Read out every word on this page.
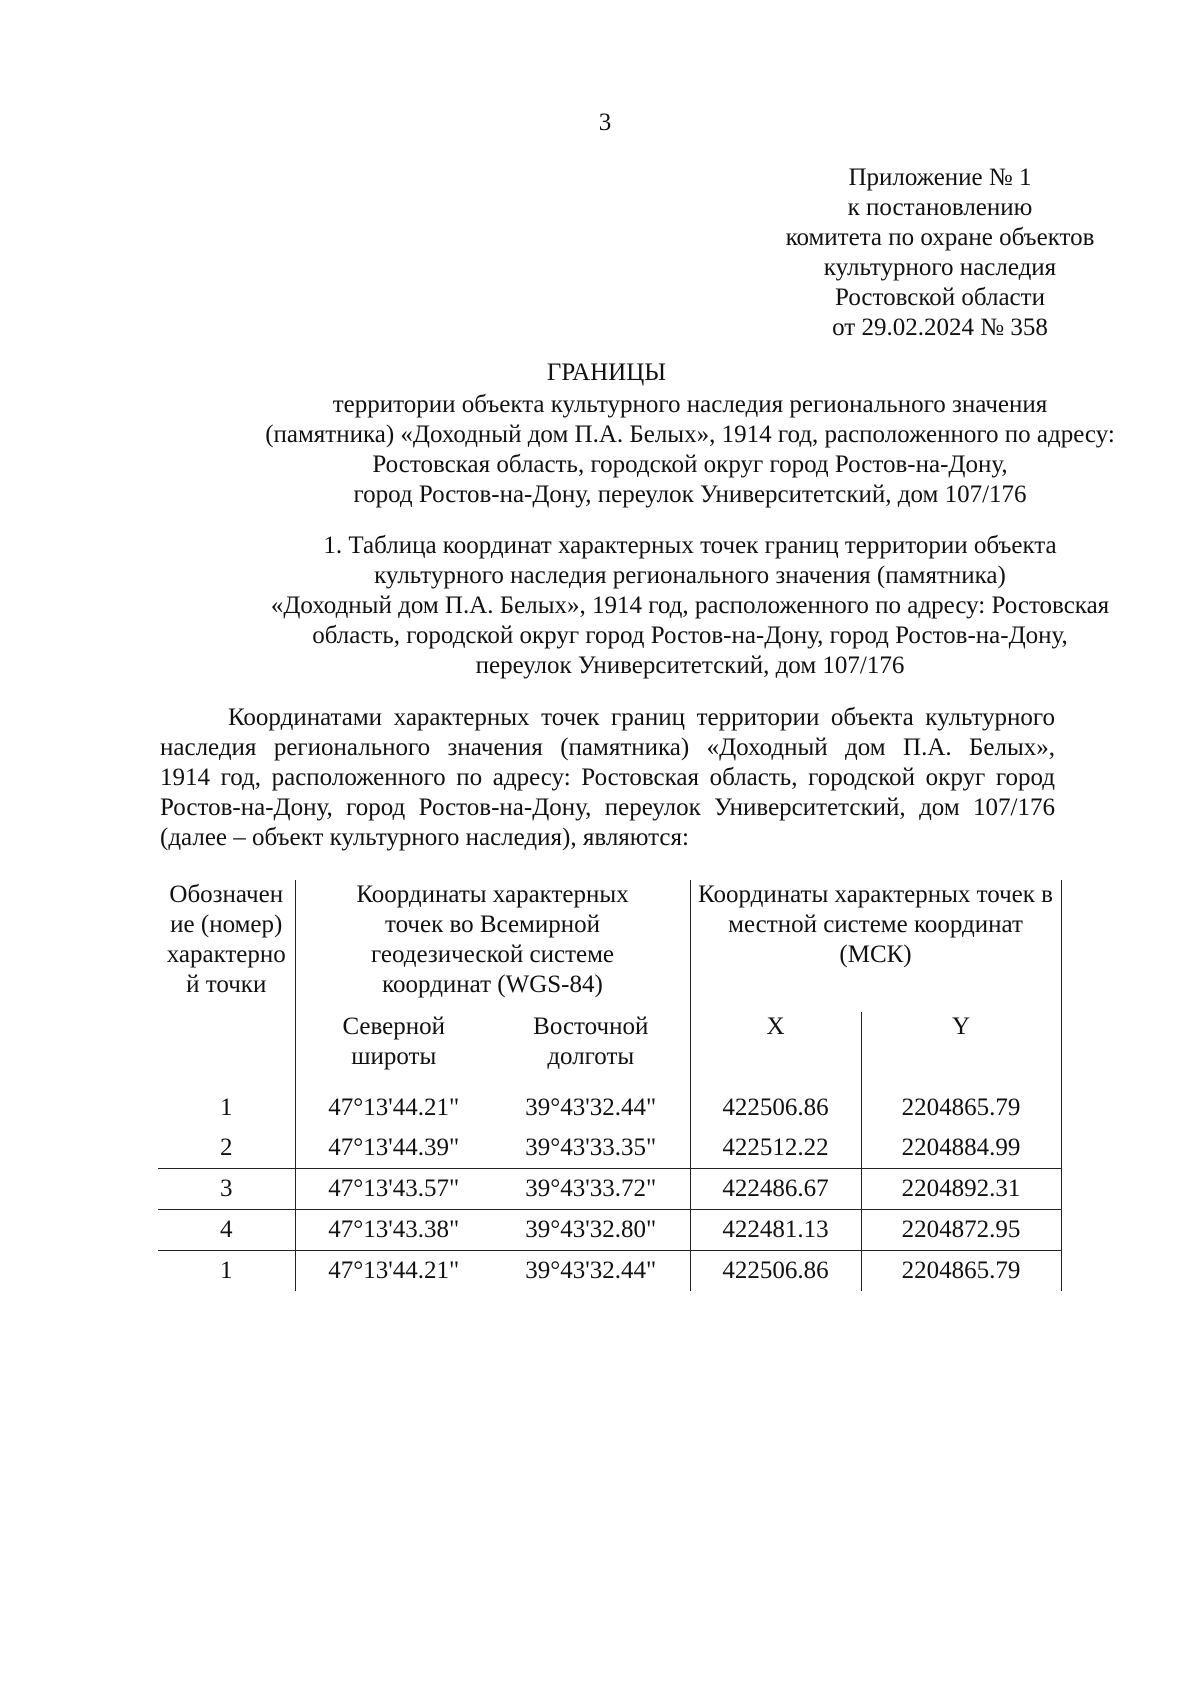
3
Приложение № 1
к постановлению
комитета по охране объектов
культурного наследия
Ростовской области
от 29.02.2024 № 358
ГРАНИЦЫ
территории объекта культурного наследия регионального значения
(памятника) «Доходный дом П.А. Белых», 1914 год, расположенного по адресу:
Ростовская область, городской округ город Ростов-на-Дону,
город Ростов-на-Дону, переулок Университетский, дом 107/176
1. Таблица координат характерных точек границ территории объекта
культурного наследия регионального значения (памятника)
«Доходный дом П.А. Белых», 1914 год, расположенного по адресу: Ростовская
область, городской округ город Ростов-на-Дону, город Ростов-на-Дону,
переулок Университетский, дом 107/176
Координатами характерных точек границ территории объекта культурного
наследия регионального значения (памятника) «Доходный дом П.А. Белых»,
1914 год, расположенного по адресу: Ростовская область, городской округ город
Ростов-на-Дону, город Ростов-на-Дону, переулок Университетский, дом 107/176
(далее – объект культурного наследия), являются:
Обозначен ие (номер) характерно й точки	Координаты характерных точек во Всемирной геодезической системе координат (WGS-84)		Координаты характерных точек в местной системе координат (МСК)	

	Северной широты	Восточной долготы	X	Y
1	47°13'44.21"	39°43'32.44"	422506.86	2204865.79
2	47°13'44.39"	39°43'33.35"	422512.22	2204884.99
3	47°13'43.57"	39°43'33.72"	422486.67	2204892.31
4	47°13'43.38"	39°43'32.80"	422481.13	2204872.95
1	47°13'44.21"	39°43'32.44"	422506.86	2204865.79
